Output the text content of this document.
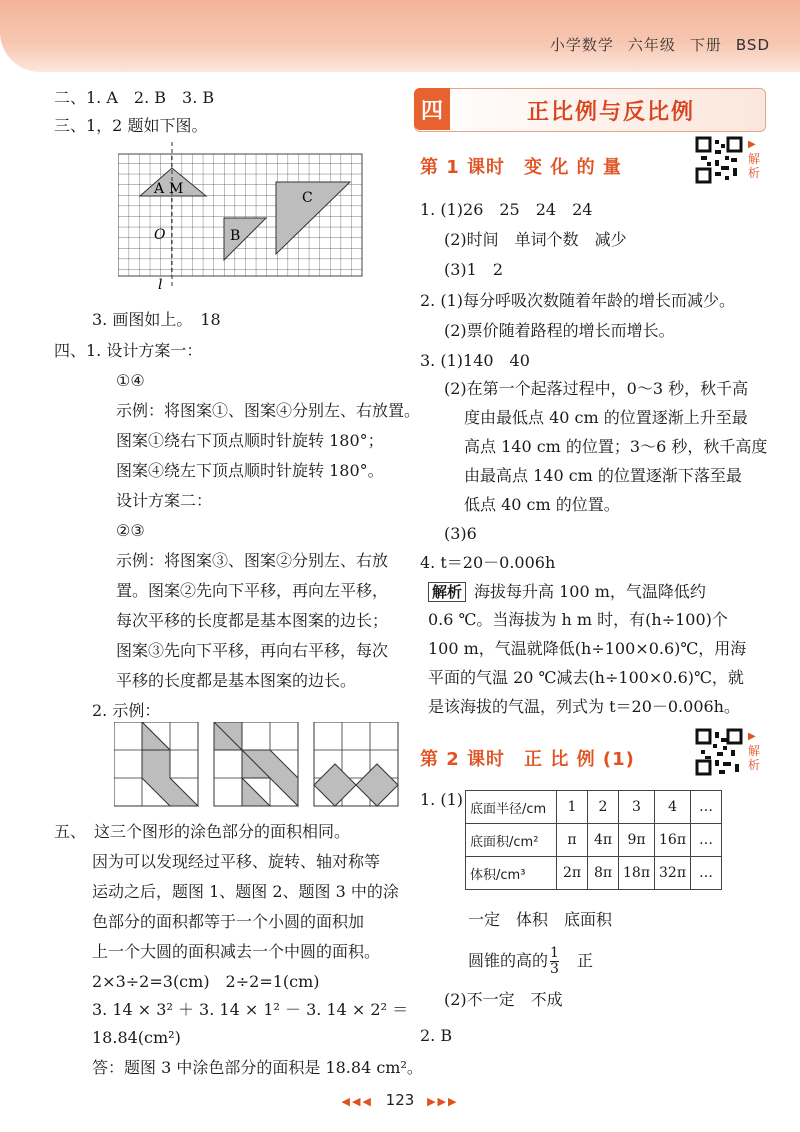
小学数学 六年级 下册 BSD
二、1. A　2. B　3. B
三、1，2 题如下图。
A M
B
C
O
l
3. 画图如上。　18
四、1. 设计方案一：
①④
示例：将图案①、图案④分别左、右放置。
图案①绕右下顶点顺时针旋转 180°；
图案④绕左下顶点顺时针旋转 180°。
设计方案二：
②③
示例：将图案③、图案②分别左、右放
置。图案②先向下平移，再向左平移，
每次平移的长度都是基本图案的边长；
图案③先向下平移，再向右平移，每次
平移的长度都是基本图案的边长。
2. 示例：
五、　这三个图形的涂色部分的面积相同。
因为可以发现经过平移、旋转、轴对称等
运动之后，题图 1、题图 2、题图 3 中的涂
色部分的面积都等于一个小圆的面积加
上一个大圆的面积减去一个中圆的面积。
2×3÷2=3(cm)　2÷2=1(cm)
3. 14 × 3² ＋ 3. 14 × 1² － 3. 14 × 2² ＝
18.84(cm²)
答：题图 3 中涂色部分的面积是 18.84 cm²。
四	正比例与反比例
第 1 课时　变 化 的 量
▶
解析
1. (1)26　25　24　24
(2)时间　单词个数　减少
(3)1　2
2. (1)每分呼吸次数随着年龄的增长而减少。
(2)票价随着路程的增长而增长。
3. (1)140　40
(2)在第一个起落过程中，0～3 秒，秋千高
度由最低点 40 cm 的位置逐渐上升至最
高点 140 cm 的位置；3～6 秒，秋千高度
由最高点 140 cm 的位置逐渐下落至最
低点 40 cm 的位置。
(3)6
4. t＝20－0.006h
解析 海拔每升高 100 m，气温降低约
0.6 ℃。当海拔为 h m 时，有(h÷100)个
100 m，气温就降低(h÷100×0.6)℃，用海
平面的气温 20 ℃减去(h÷100×0.6)℃，就
是该海拔的气温，列式为 t＝20－0.006h。
第 2 课时　正 比 例 (1)
▶
解析
1. (1) 底面半径/cm	1	2	3	4	…
底面积/cm²	π	4π	9π	16π	…
体积/cm³	2π	8π	18π	32π	…
一定　体积　底面积
圆锥的高的 $\frac{1}{3}$
　 正
(2)不一定　不成
2. B
◀◀◀ 123 ▶▶▶
